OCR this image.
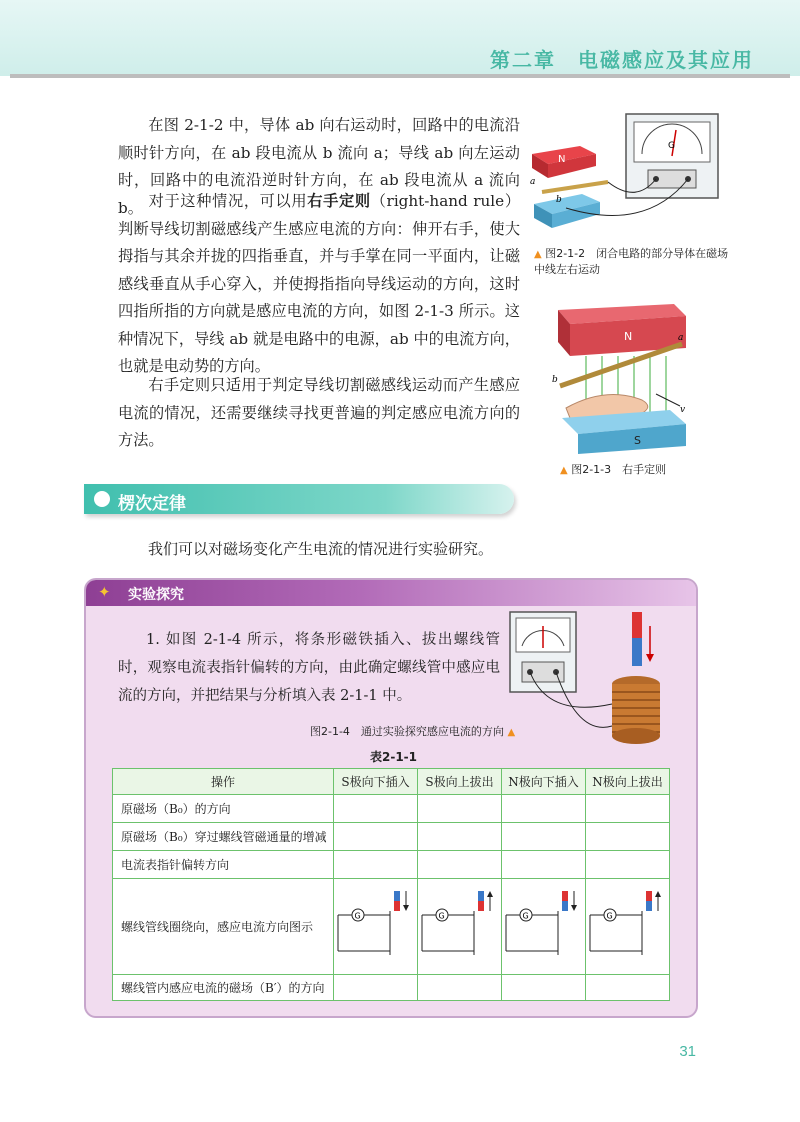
第二章　电磁感应及其应用
在图 2-1-2 中，导体 ab 向右运动时，回路中的电流沿顺时针方向，在 ab 段电流从 b 流向 a；导线 ab 向左运动时，回路中的电流沿逆时针方向，在 ab 段电流从 a 流向 b。 对于这种情况，可以用右手定则（right-hand rule）判断导线切割磁感线产生感应电流的方向：伸开右手，使大拇指与其余并拢的四指垂直，并与手掌在同一平面内，让磁感线垂直从手心穿入，并使拇指指向导线运动的方向，这时四指所指的方向就是感应电流的方向，如图 2-1-3 所示。这种情况下，导线 ab 就是电路中的电源，ab 中的电流方向，也就是电动势的方向。
右手定则只适用于判定导线切割磁感线运动而产生感应电流的情况，还需要继续寻找更普遍的判定感应电流方向的方法。
G
N
a
b
▲ 图2-1-2　闭合电路的部分导体在磁场中线左右运动
N	a
b
v
S
▲ 图2-1-3　右手定则
楞次定律
我们可以对磁场变化产生电流的情况进行实验研究。
✦ 实验探究
1. 如图 2-1-4 所示，将条形磁铁插入、拔出螺线管时，观察电流表指针偏转的方向，由此确定螺线管中感应电流的方向，并把结果与分析填入表 2-1-1 中。
图2-1-4　通过实验探究感应电流的方向 ▲
表2-1-1
操作	S极向下插入	S极向上拔出	N极向下插入	N极向上拔出
原磁场（B₀）的方向				
原磁场（B₀）穿过螺线管磁通量的增减				
电流表指针偏转方向				
螺线管线圈绕向，感应电流方向图示	G	G	G	G

螺线管内感应电流的磁场（B′）的方向				
31
